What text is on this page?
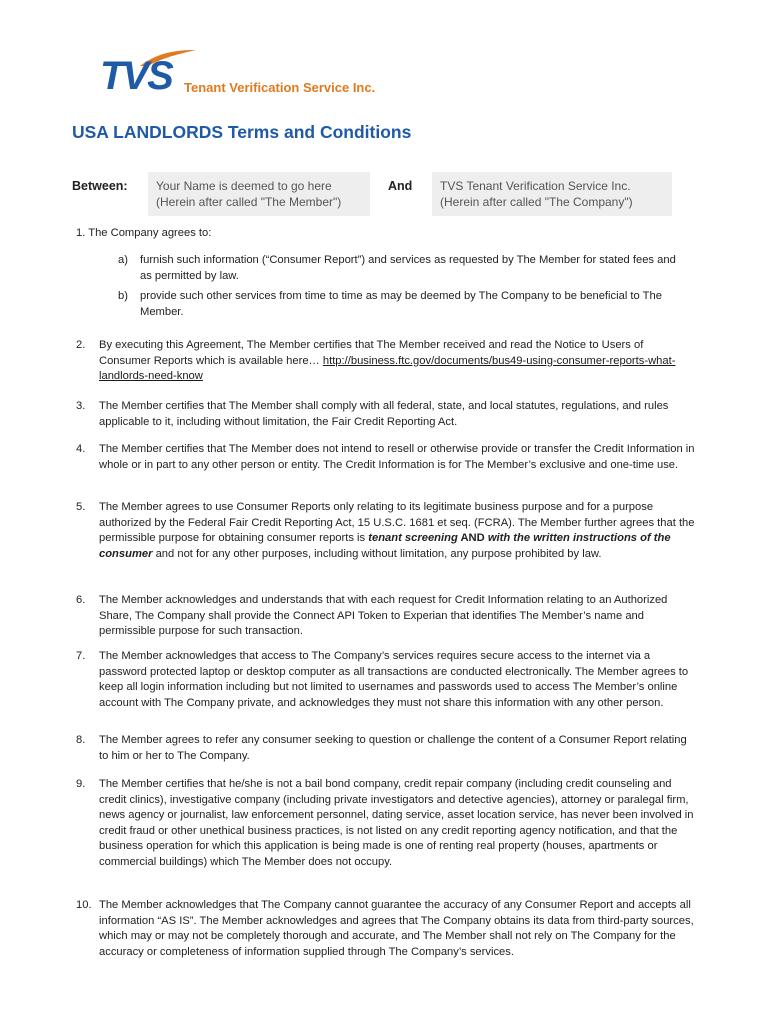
TVS Tenant Verification Service Inc.
USA LANDLORDS Terms and Conditions
Between: Your Name is deemed to go here
(Herein after called "The Member")
And TVS Tenant Verification Service Inc.
(Herein after called "The Company")
1. The Company agrees to:
a) furnish such information (“Consumer Report”) and services as requested by The Member for stated fees and as permitted by law.
b) provide such other services from time to time as may be deemed by The Company to be beneficial to The Member.
2. By executing this Agreement, The Member certifies that The Member received and read the Notice to Users of Consumer Reports which is available here… http://business.ftc.gov/documents/bus49-using-consumer-reports-what-landlords-need-know
3. The Member certifies that The Member shall comply with all federal, state, and local statutes, regulations, and rules applicable to it, including without limitation, the Fair Credit Reporting Act.
4. The Member certifies that The Member does not intend to resell or otherwise provide or transfer the Credit Information in whole or in part to any other person or entity. The Credit Information is for The Member’s exclusive and one-time use.
5. The Member agrees to use Consumer Reports only relating to its legitimate business purpose and for a purpose authorized by the Federal Fair Credit Reporting Act, 15 U.S.C. 1681 et seq. (FCRA). The Member further agrees that the permissible purpose for obtaining consumer reports is tenant screening AND with the written instructions of the consumer and not for any other purposes, including without limitation, any purpose prohibited by law.
6. The Member acknowledges and understands that with each request for Credit Information relating to an Authorized Share, The Company shall provide the Connect API Token to Experian that identifies The Member’s name and permissible purpose for such transaction.
7. The Member acknowledges that access to The Company’s services requires secure access to the internet via a password protected laptop or desktop computer as all transactions are conducted electronically. The Member agrees to keep all login information including but not limited to usernames and passwords used to access The Member’s online account with The Company private, and acknowledges they must not share this information with any other person.
8. The Member agrees to refer any consumer seeking to question or challenge the content of a Consumer Report relating to him or her to The Company.
9. The Member certifies that he/she is not a bail bond company, credit repair company (including credit counseling and credit clinics), investigative company (including private investigators and detective agencies), attorney or paralegal firm, news agency or journalist, law enforcement personnel, dating service, asset location service, has never been involved in credit fraud or other unethical business practices, is not listed on any credit reporting agency notification, and that the business operation for which this application is being made is one of renting real property (houses, apartments or commercial buildings) which The Member does not occupy.
10. The Member acknowledges that The Company cannot guarantee the accuracy of any Consumer Report and accepts all information “AS IS”. The Member acknowledges and agrees that The Company obtains its data from third-party sources, which may or may not be completely thorough and accurate, and The Member shall not rely on The Company for the accuracy or completeness of information supplied through The Company’s services.
